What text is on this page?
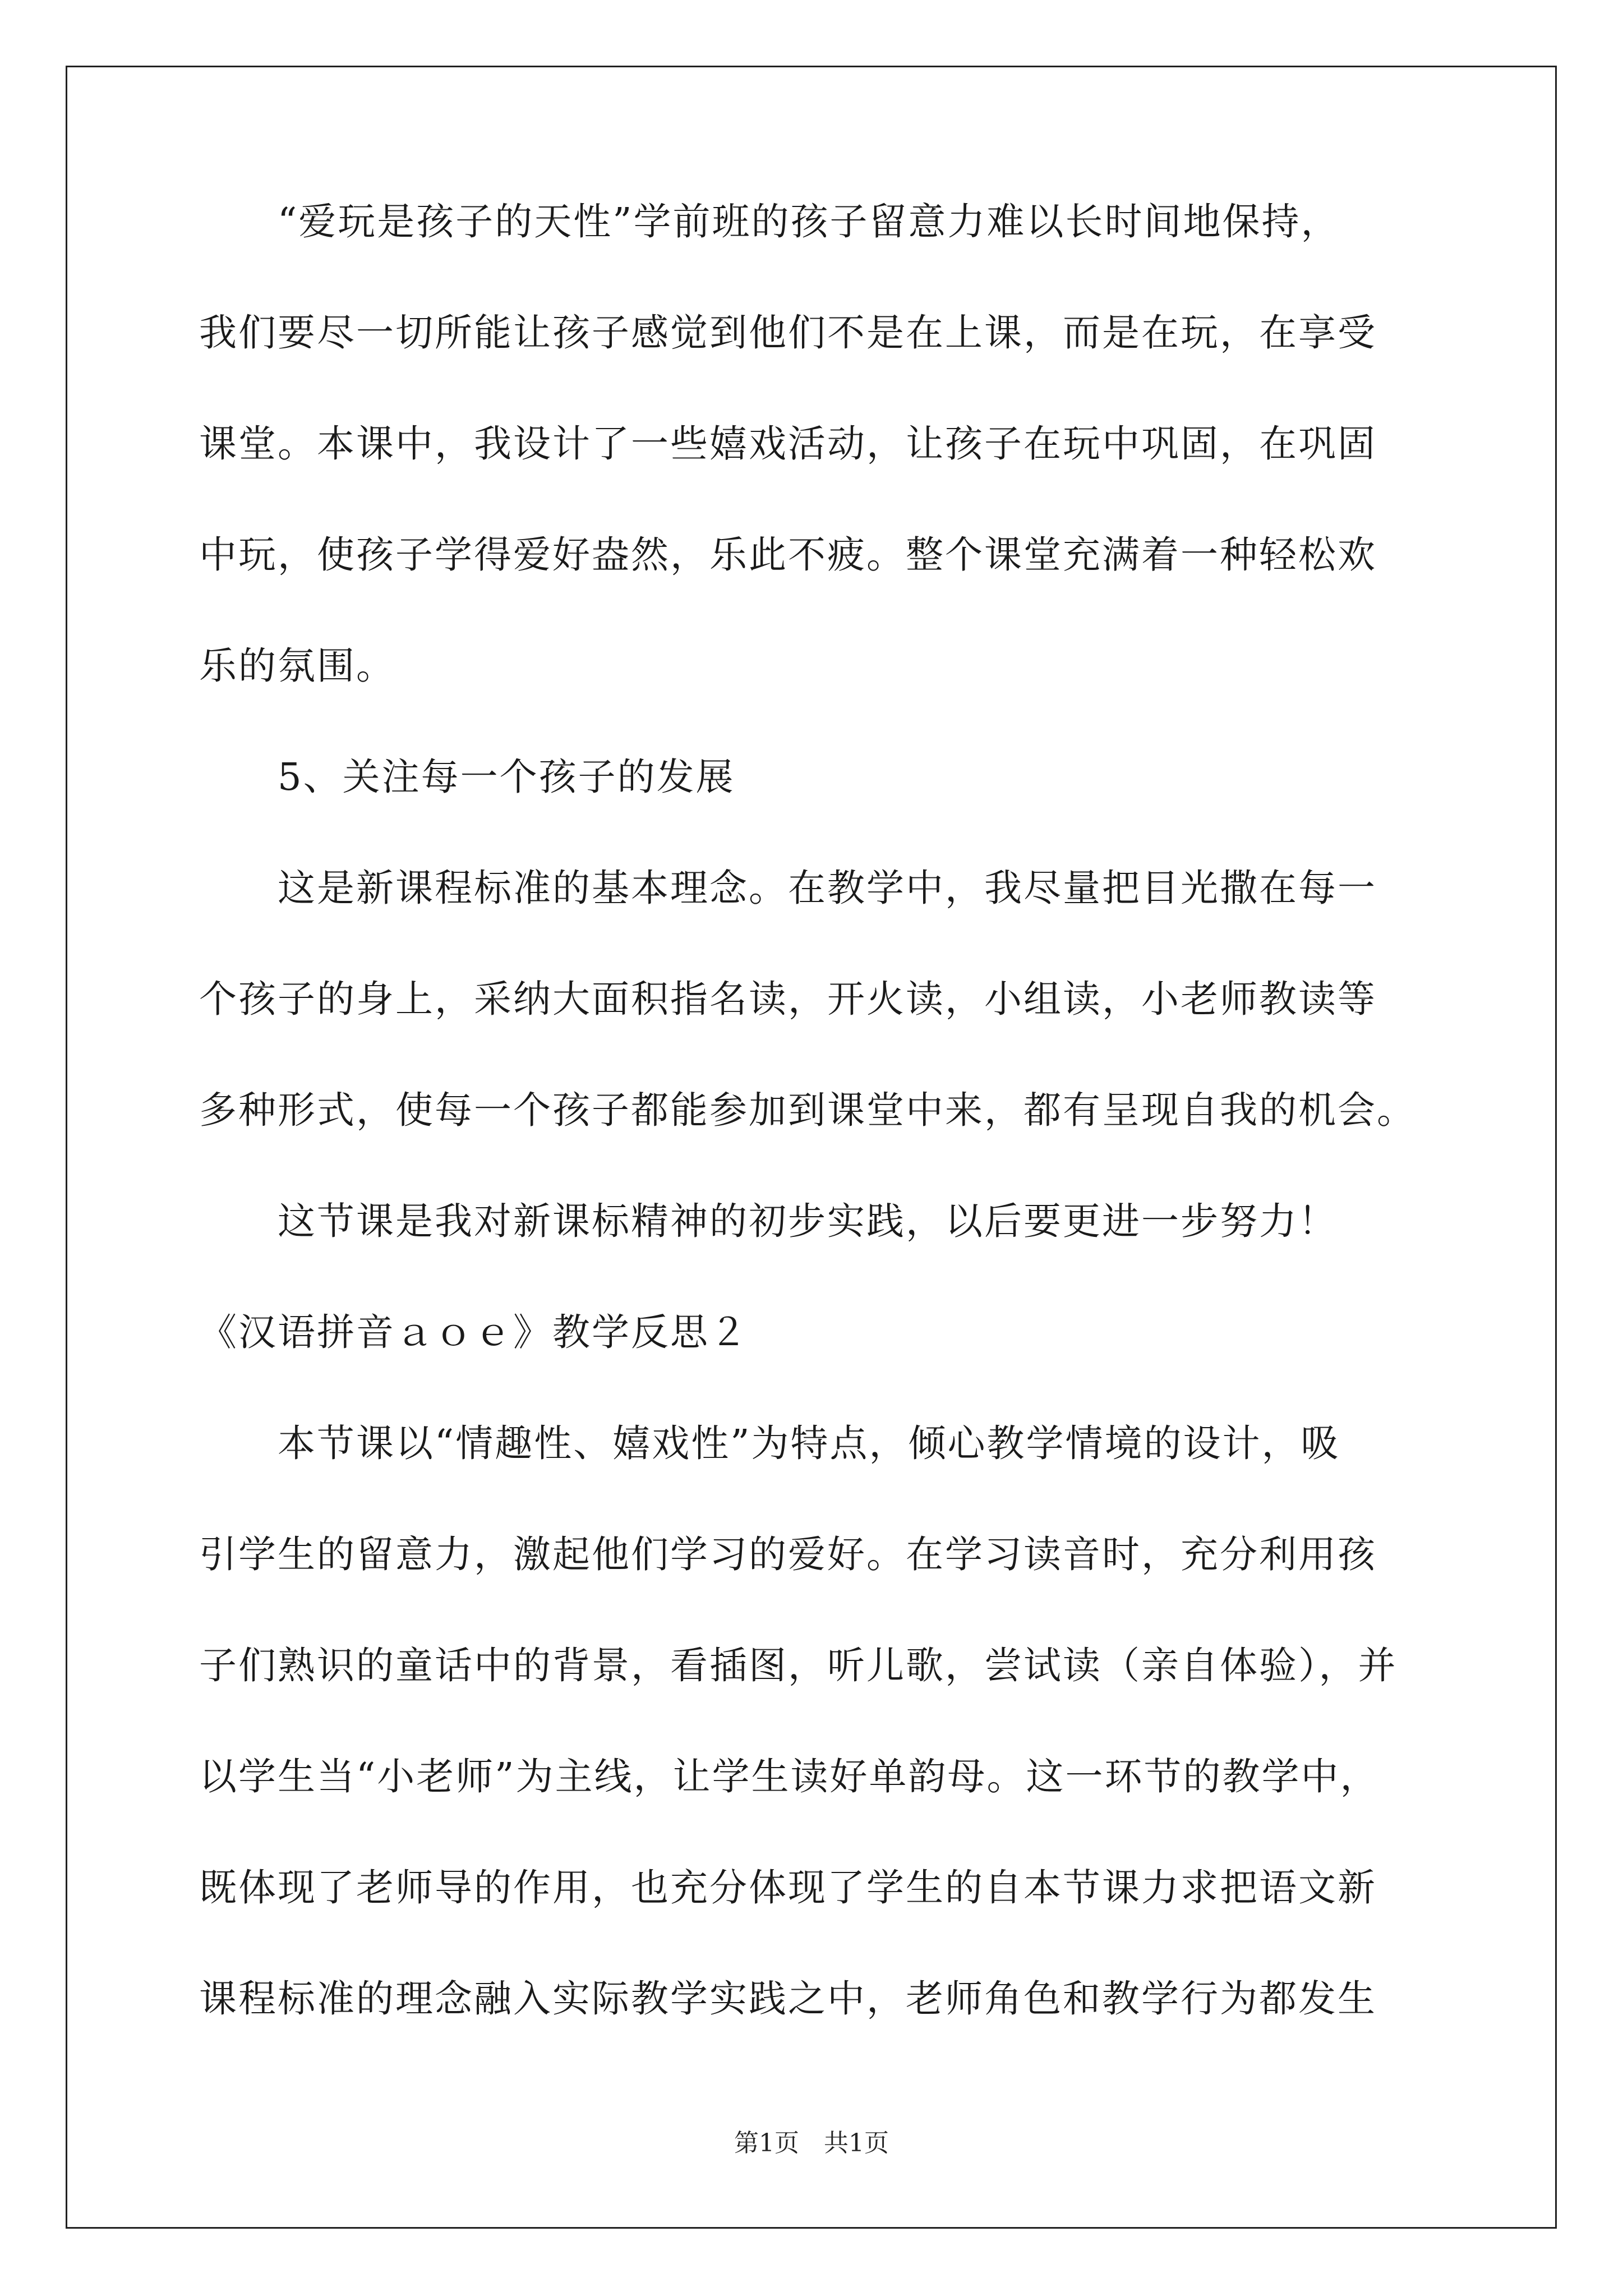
　　“爱玩是孩子的天性”学前班的孩子留意力难以长时间地保持，
我们要尽一切所能让孩子感觉到他们不是在上课，而是在玩，在享受
课堂。本课中，我设计了一些嬉戏活动，让孩子在玩中巩固，在巩固
中玩，使孩子学得爱好盎然，乐此不疲。整个课堂充满着一种轻松欢
乐的氛围。
　　5、关注每一个孩子的发展
　　这是新课程标准的基本理念。在教学中，我尽量把目光撒在每一
个孩子的身上，采纳大面积指名读，开火读，小组读，小老师教读等
多种形式，使每一个孩子都能参加到课堂中来，都有呈现自我的机会。
　　这节课是我对新课标精神的初步实践，以后要更进一步努力！
《汉语拼音ａｏｅ》教学反思２
　　本节课以“情趣性、嬉戏性”为特点，倾心教学情境的设计，吸
引学生的留意力，激起他们学习的爱好。在学习读音时，充分利用孩
子们熟识的童话中的背景，看插图，听儿歌，尝试读（亲自体验），并
以学生当“小老师”为主线，让学生读好单韵母。这一环节的教学中，
既体现了老师导的作用，也充分体现了学生的自本节课力求把语文新
课程标准的理念融入实际教学实践之中，老师角色和教学行为都发生
第1页　共1页
